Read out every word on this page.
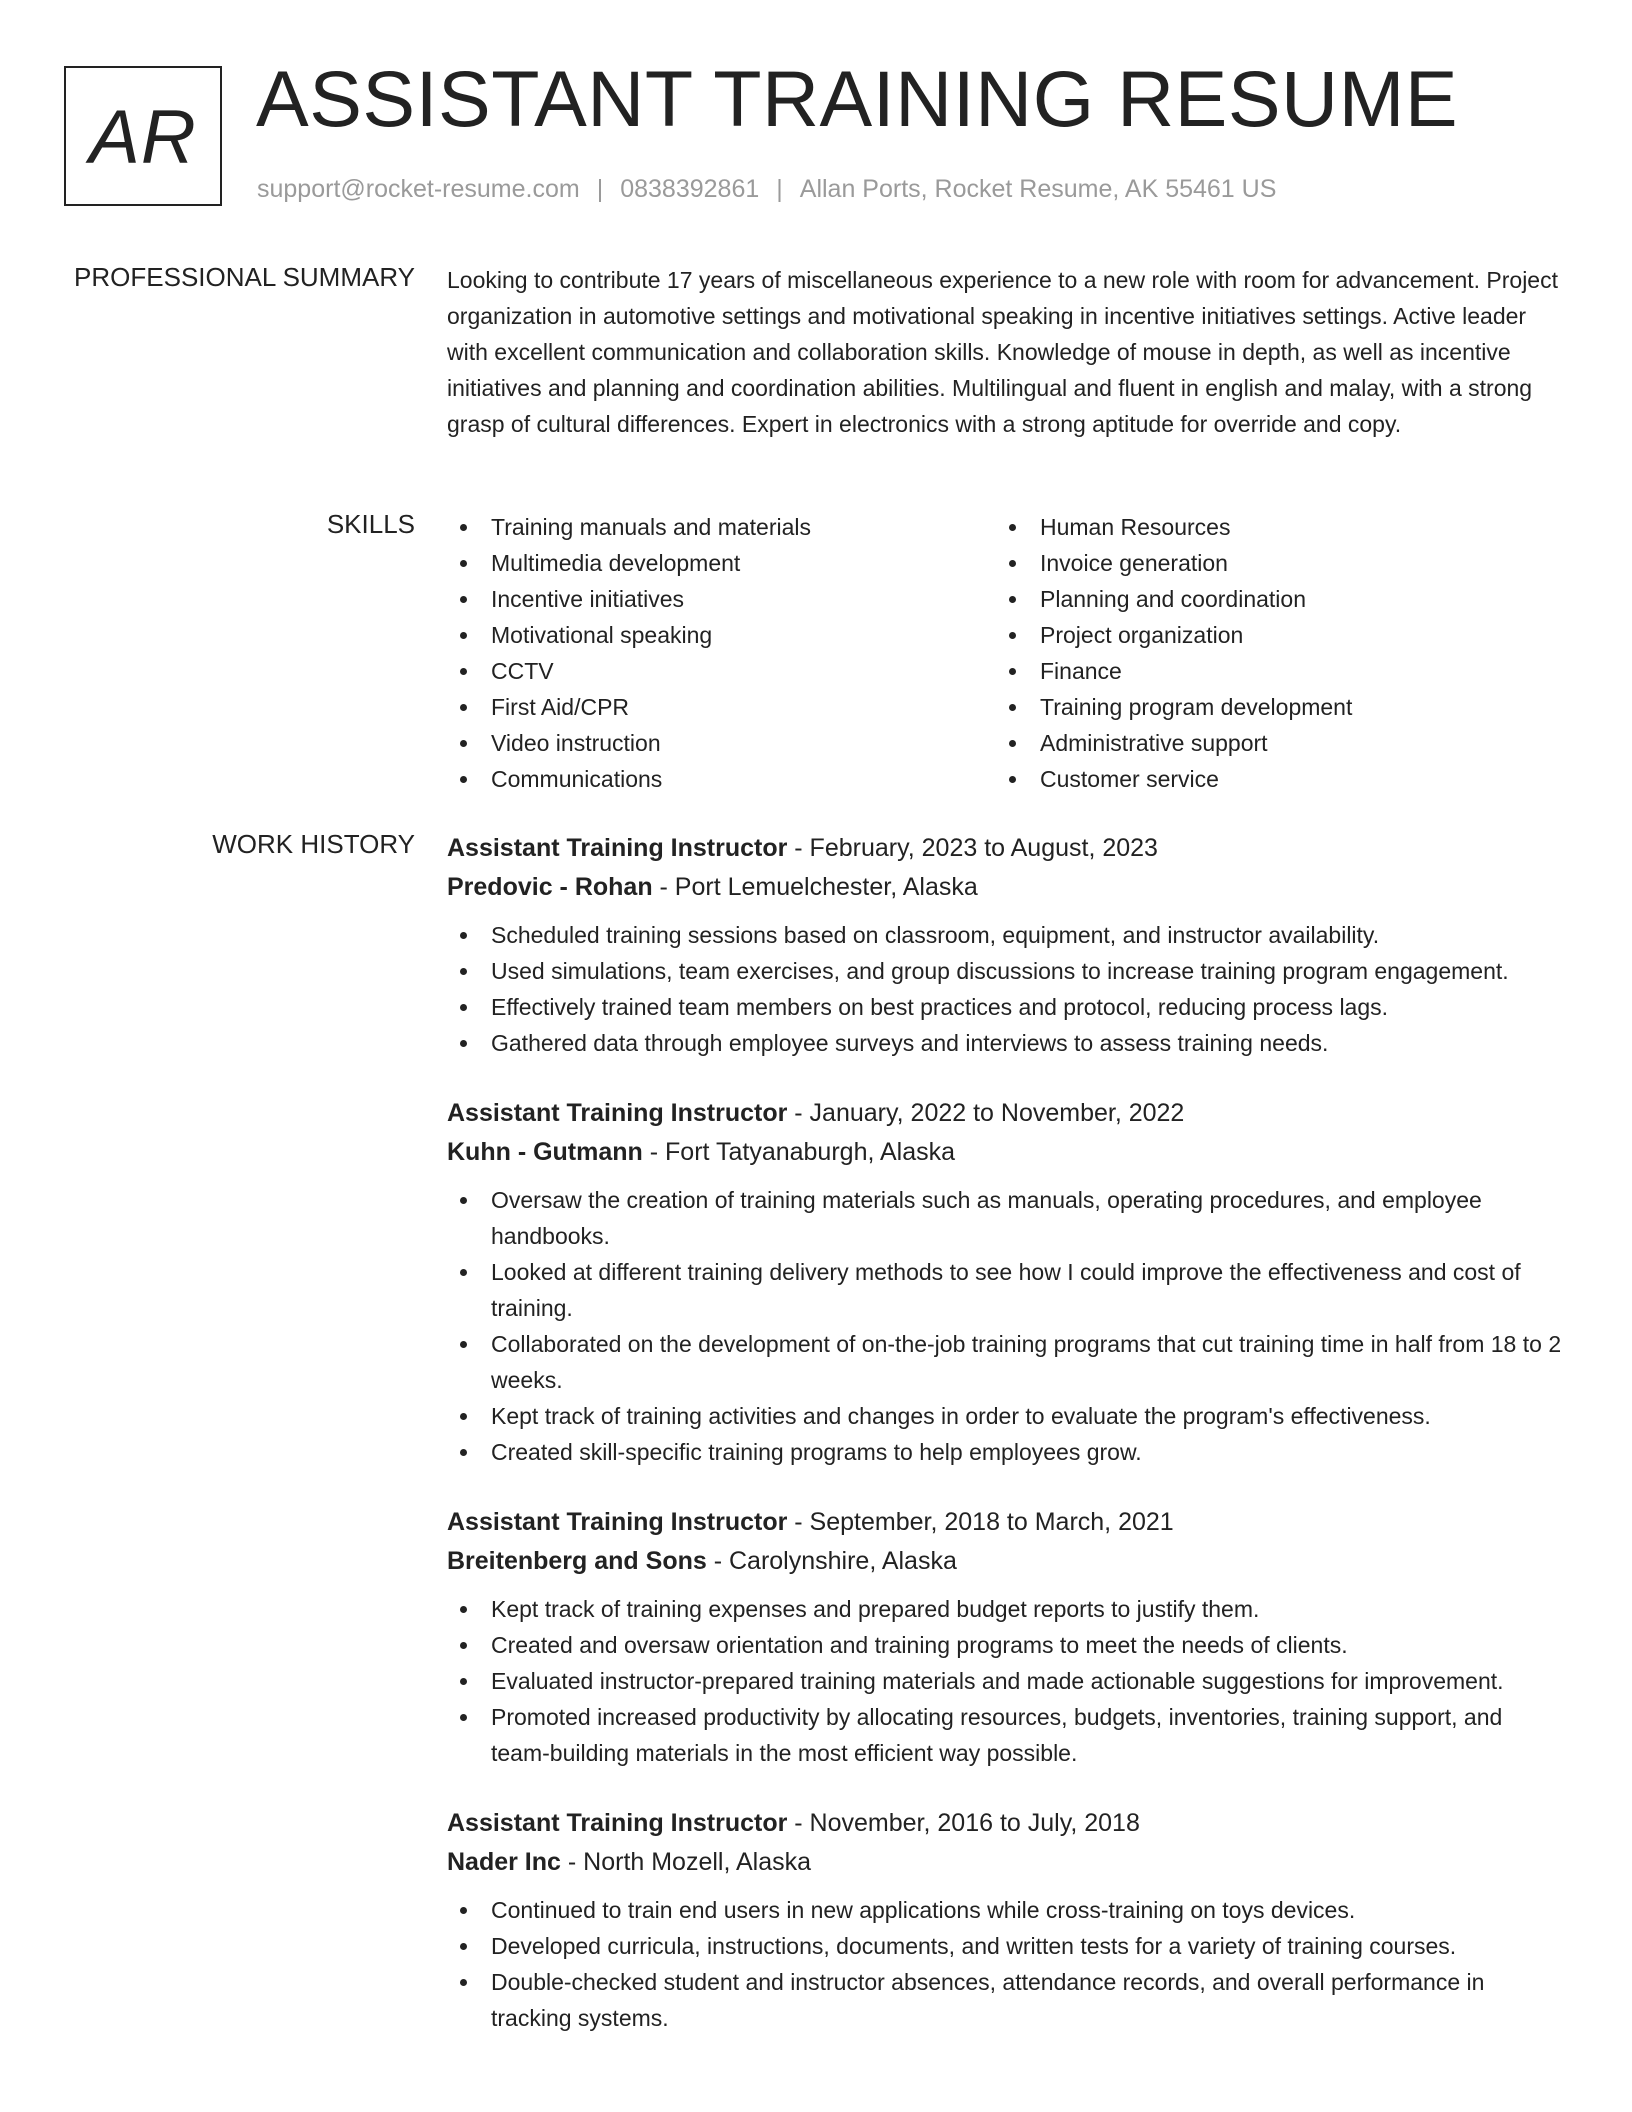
AR ASSISTANT TRAINING RESUME
support@rocket-resume.com | 0838392861 | Allan Ports, Rocket Resume, AK 55461 US
PROFESSIONAL SUMMARY Looking to contribute 17 years of miscellaneous experience to a new role with room for advancement. Project organization in automotive settings and motivational speaking in incentive initiatives settings. Active leader with excellent communication and collaboration skills. Knowledge of mouse in depth, as well as incentive initiatives and planning and coordination abilities. Multilingual and fluent in english and malay, with a strong grasp of cultural differences. Expert in electronics with a strong aptitude for override and copy.

SKILLS	Training manuals and materials
Multimedia development
Incentive initiatives
Motivational speaking
CCTV
First Aid/CPR
Video instruction
Communications
Human Resources
Invoice generation
Planning and coordination
Project organization
Finance
Training program development
Administrative support
Customer service
WORK HISTORY Assistant Training Instructor - February, 2023 to August, 2023
Predovic - Rohan - Port Lemuelchester, Alaska
Scheduled training sessions based on classroom, equipment, and instructor availability.
Used simulations, team exercises, and group discussions to increase training program engagement.
Effectively trained team members on best practices and protocol, reducing process lags.
Gathered data through employee surveys and interviews to assess training needs.
Assistant Training Instructor - January, 2022 to November, 2022
Kuhn - Gutmann - Fort Tatyanaburgh, Alaska
Oversaw the creation of training materials such as manuals, operating procedures, and employee handbooks.
Looked at different training delivery methods to see how I could improve the effectiveness and cost of training.
Collaborated on the development of on-the-job training programs that cut training time in half from 18 to 2 weeks.
Kept track of training activities and changes in order to evaluate the program's effectiveness.
Created skill-specific training programs to help employees grow.
Assistant Training Instructor - September, 2018 to March, 2021
Breitenberg and Sons - Carolynshire, Alaska
Kept track of training expenses and prepared budget reports to justify them.
Created and oversaw orientation and training programs to meet the needs of clients.
Evaluated instructor-prepared training materials and made actionable suggestions for improvement.
Promoted increased productivity by allocating resources, budgets, inventories, training support, and team-building materials in the most efficient way possible.
Assistant Training Instructor - November, 2016 to July, 2018
Nader Inc - North Mozell, Alaska
Continued to train end users in new applications while cross-training on toys devices.
Developed curricula, instructions, documents, and written tests for a variety of training courses.
Double-checked student and instructor absences, attendance records, and overall performance in tracking systems.
